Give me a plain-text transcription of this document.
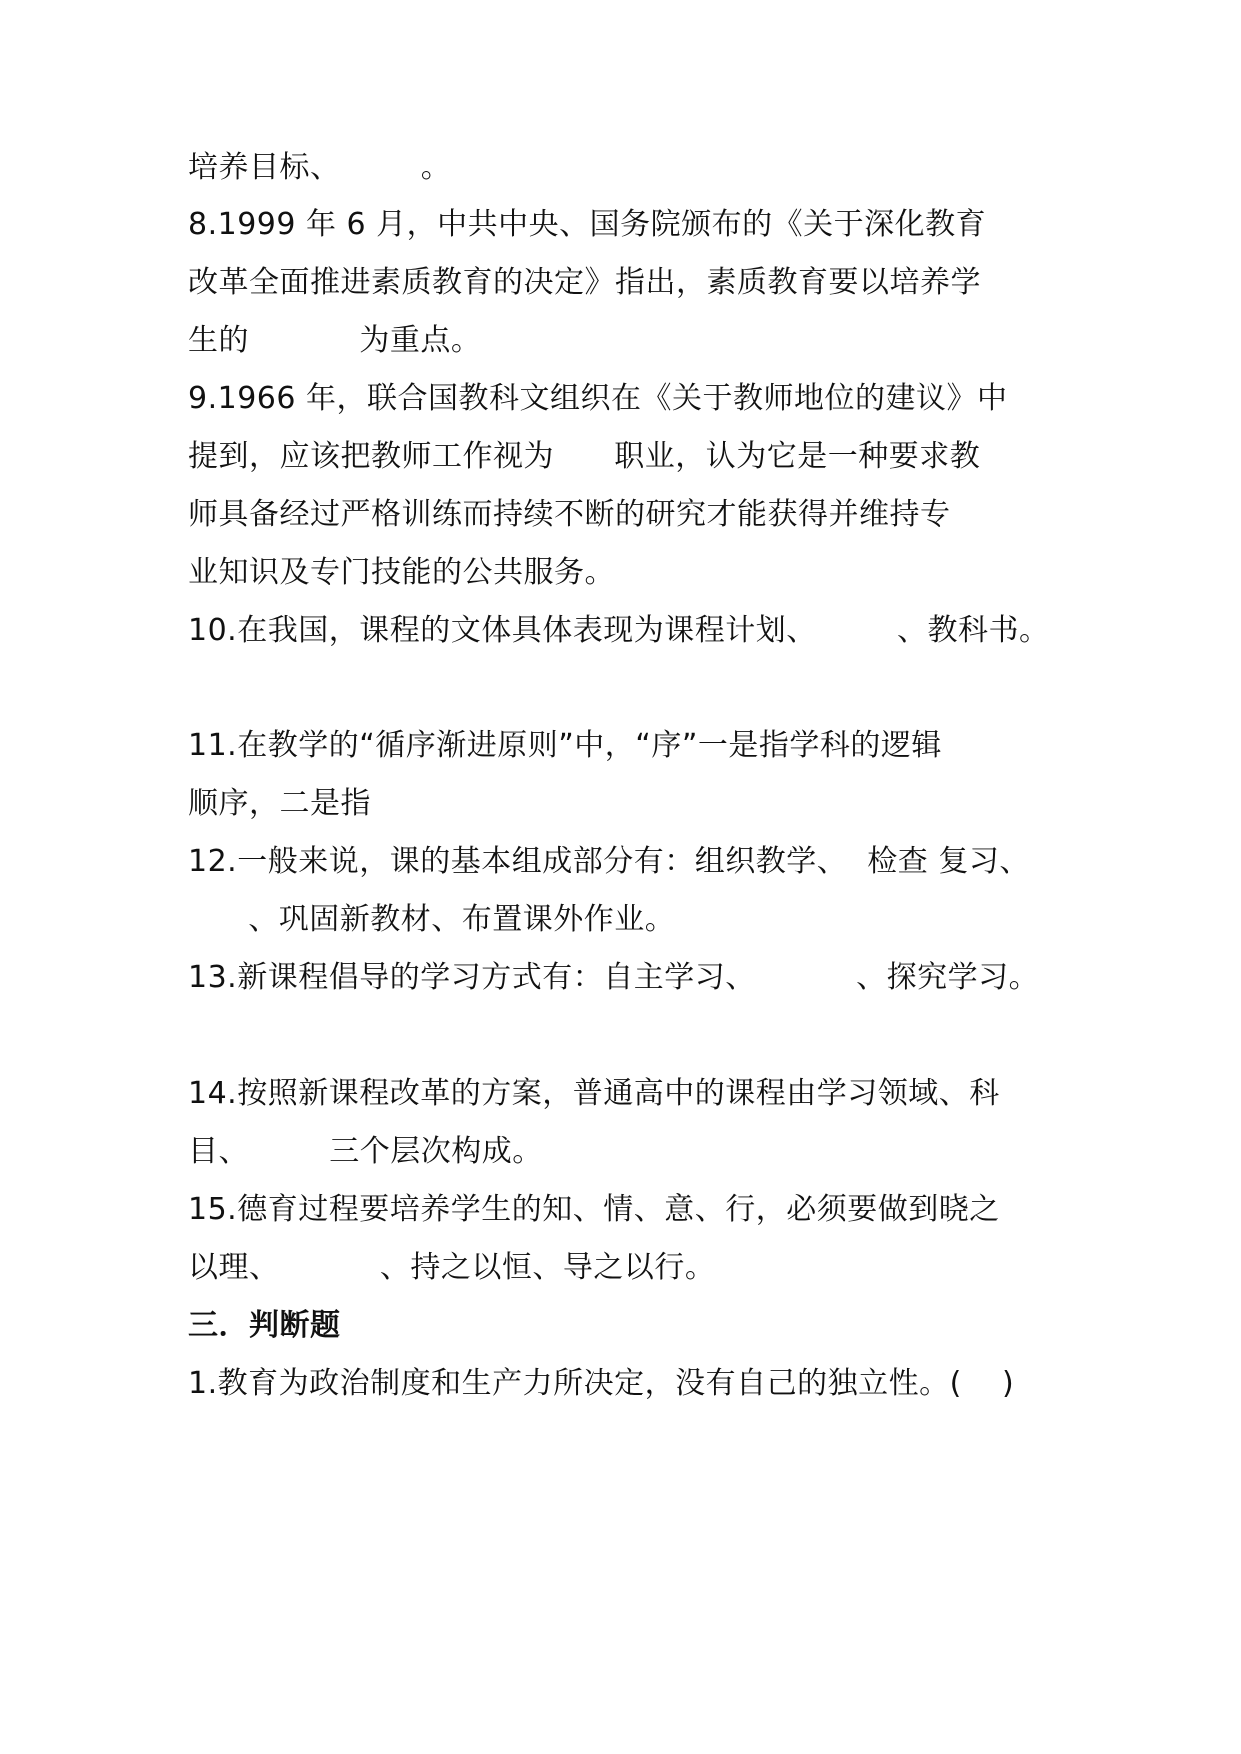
培养目标、        。
8.1999 年 6 月，中共中央、国务院颁布的《关于深化教育
改革全面推进素质教育的决定》指出，素质教育要以培养学
生的           为重点。
9.1966 年，联合国教科文组织在《关于教师地位的建议》中
提到，应该把教师工作视为      职业，认为它是一种要求教
师具备经过严格训练而持续不断的研究才能获得并维持专
业知识及专门技能的公共服务。
10.在我国，课程的文体具体表现为课程计划、        、教科书。
11.在教学的“循序渐进原则”中，“序”一是指学科的逻辑
顺序，二是指
12.一般来说，课的基本组成部分有：组织教学、  检查 复习、
、巩固新教材、布置课外作业。
13.新课程倡导的学习方式有：自主学习、          、探究学习。
14.按照新课程改革的方案，普通高中的课程由学习领域、科
目、        三个层次构成。
15.德育过程要培养学生的知、情、意、行，必须要做到晓之
以理、          、持之以恒、导之以行。
三．判断题
1.教育为政治制度和生产力所决定，没有自己的独立性。(    )
